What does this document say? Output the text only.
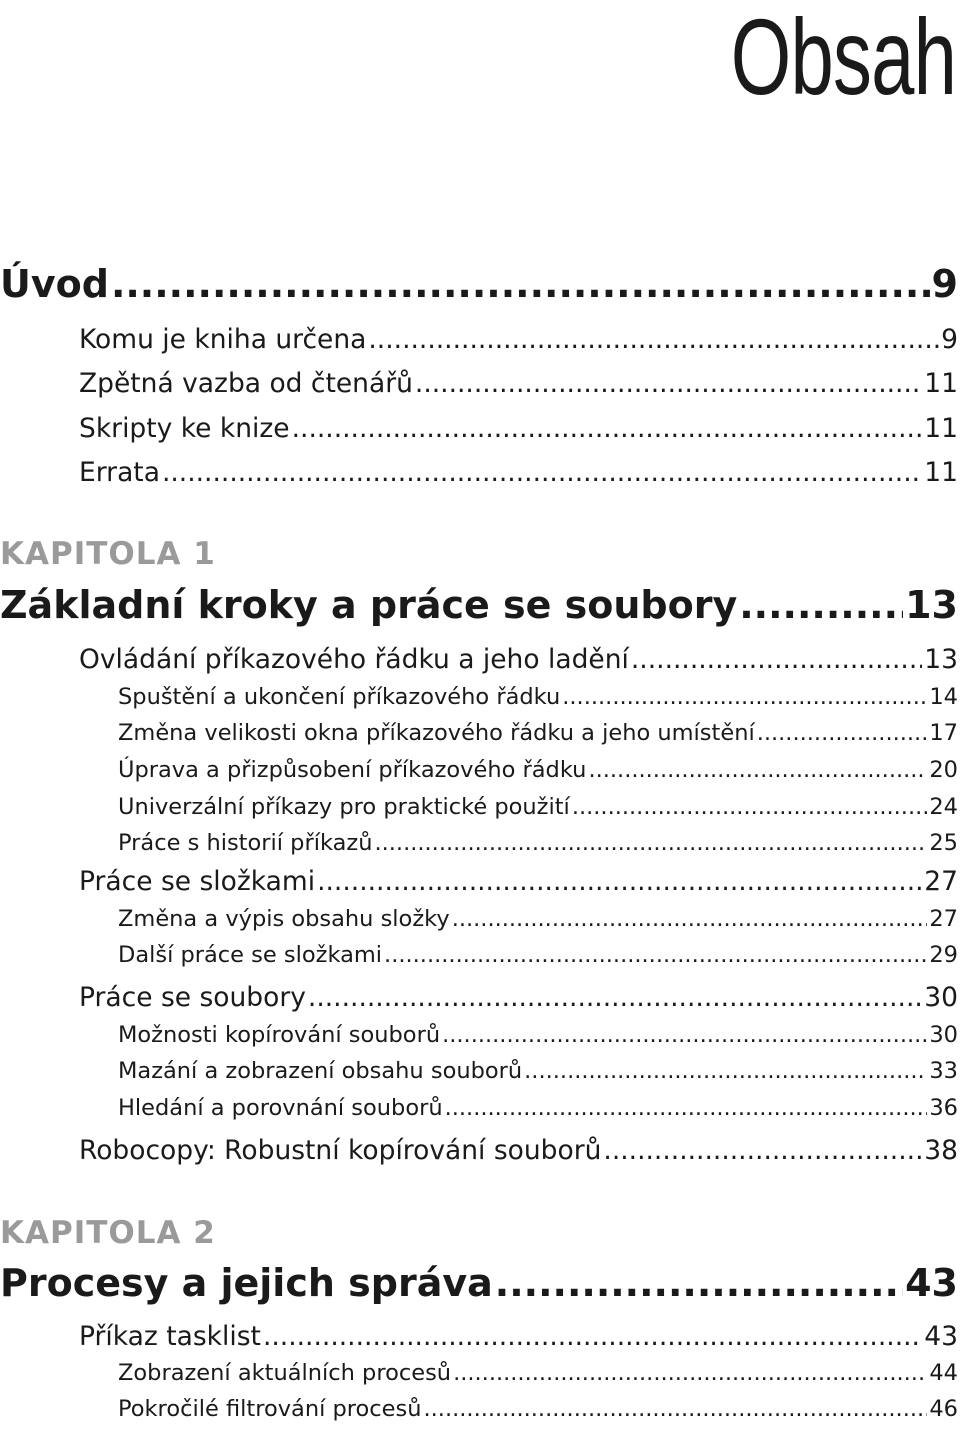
Obsah
Úvod .....	9
Komu je kniha určena .....	9
Zpětná vazba od čtenářů .....	11
Skripty ke knize .....	11
Errata .....	11
KAPITOLA 1
Základní kroky a práce se soubory .....	13
Ovládání příkazového řádku a jeho ladění .....	13
Spuštění a ukončení příkazového řádku .....	14
Změna velikosti okna příkazového řádku a jeho umístění .....	17
Úprava a přizpůsobení příkazového řádku .....	20
Univerzální příkazy pro praktické použití .....	24
Práce s historií příkazů .....	25
Práce se složkami .....	27
Změna a výpis obsahu složky .....	27
Další práce se složkami .....	29
Práce se soubory .....	30
Možnosti kopírování souborů .....	30
Mazání a zobrazení obsahu souborů .....	33
Hledání a porovnání souborů .....	36
Robocopy: Robustní kopírování souborů .....	38
KAPITOLA 2
Procesy a jejich správa .....	43
Příkaz tasklist .....	43
Zobrazení aktuálních procesů .....	44
Pokročilé filtrování procesů .....	46
